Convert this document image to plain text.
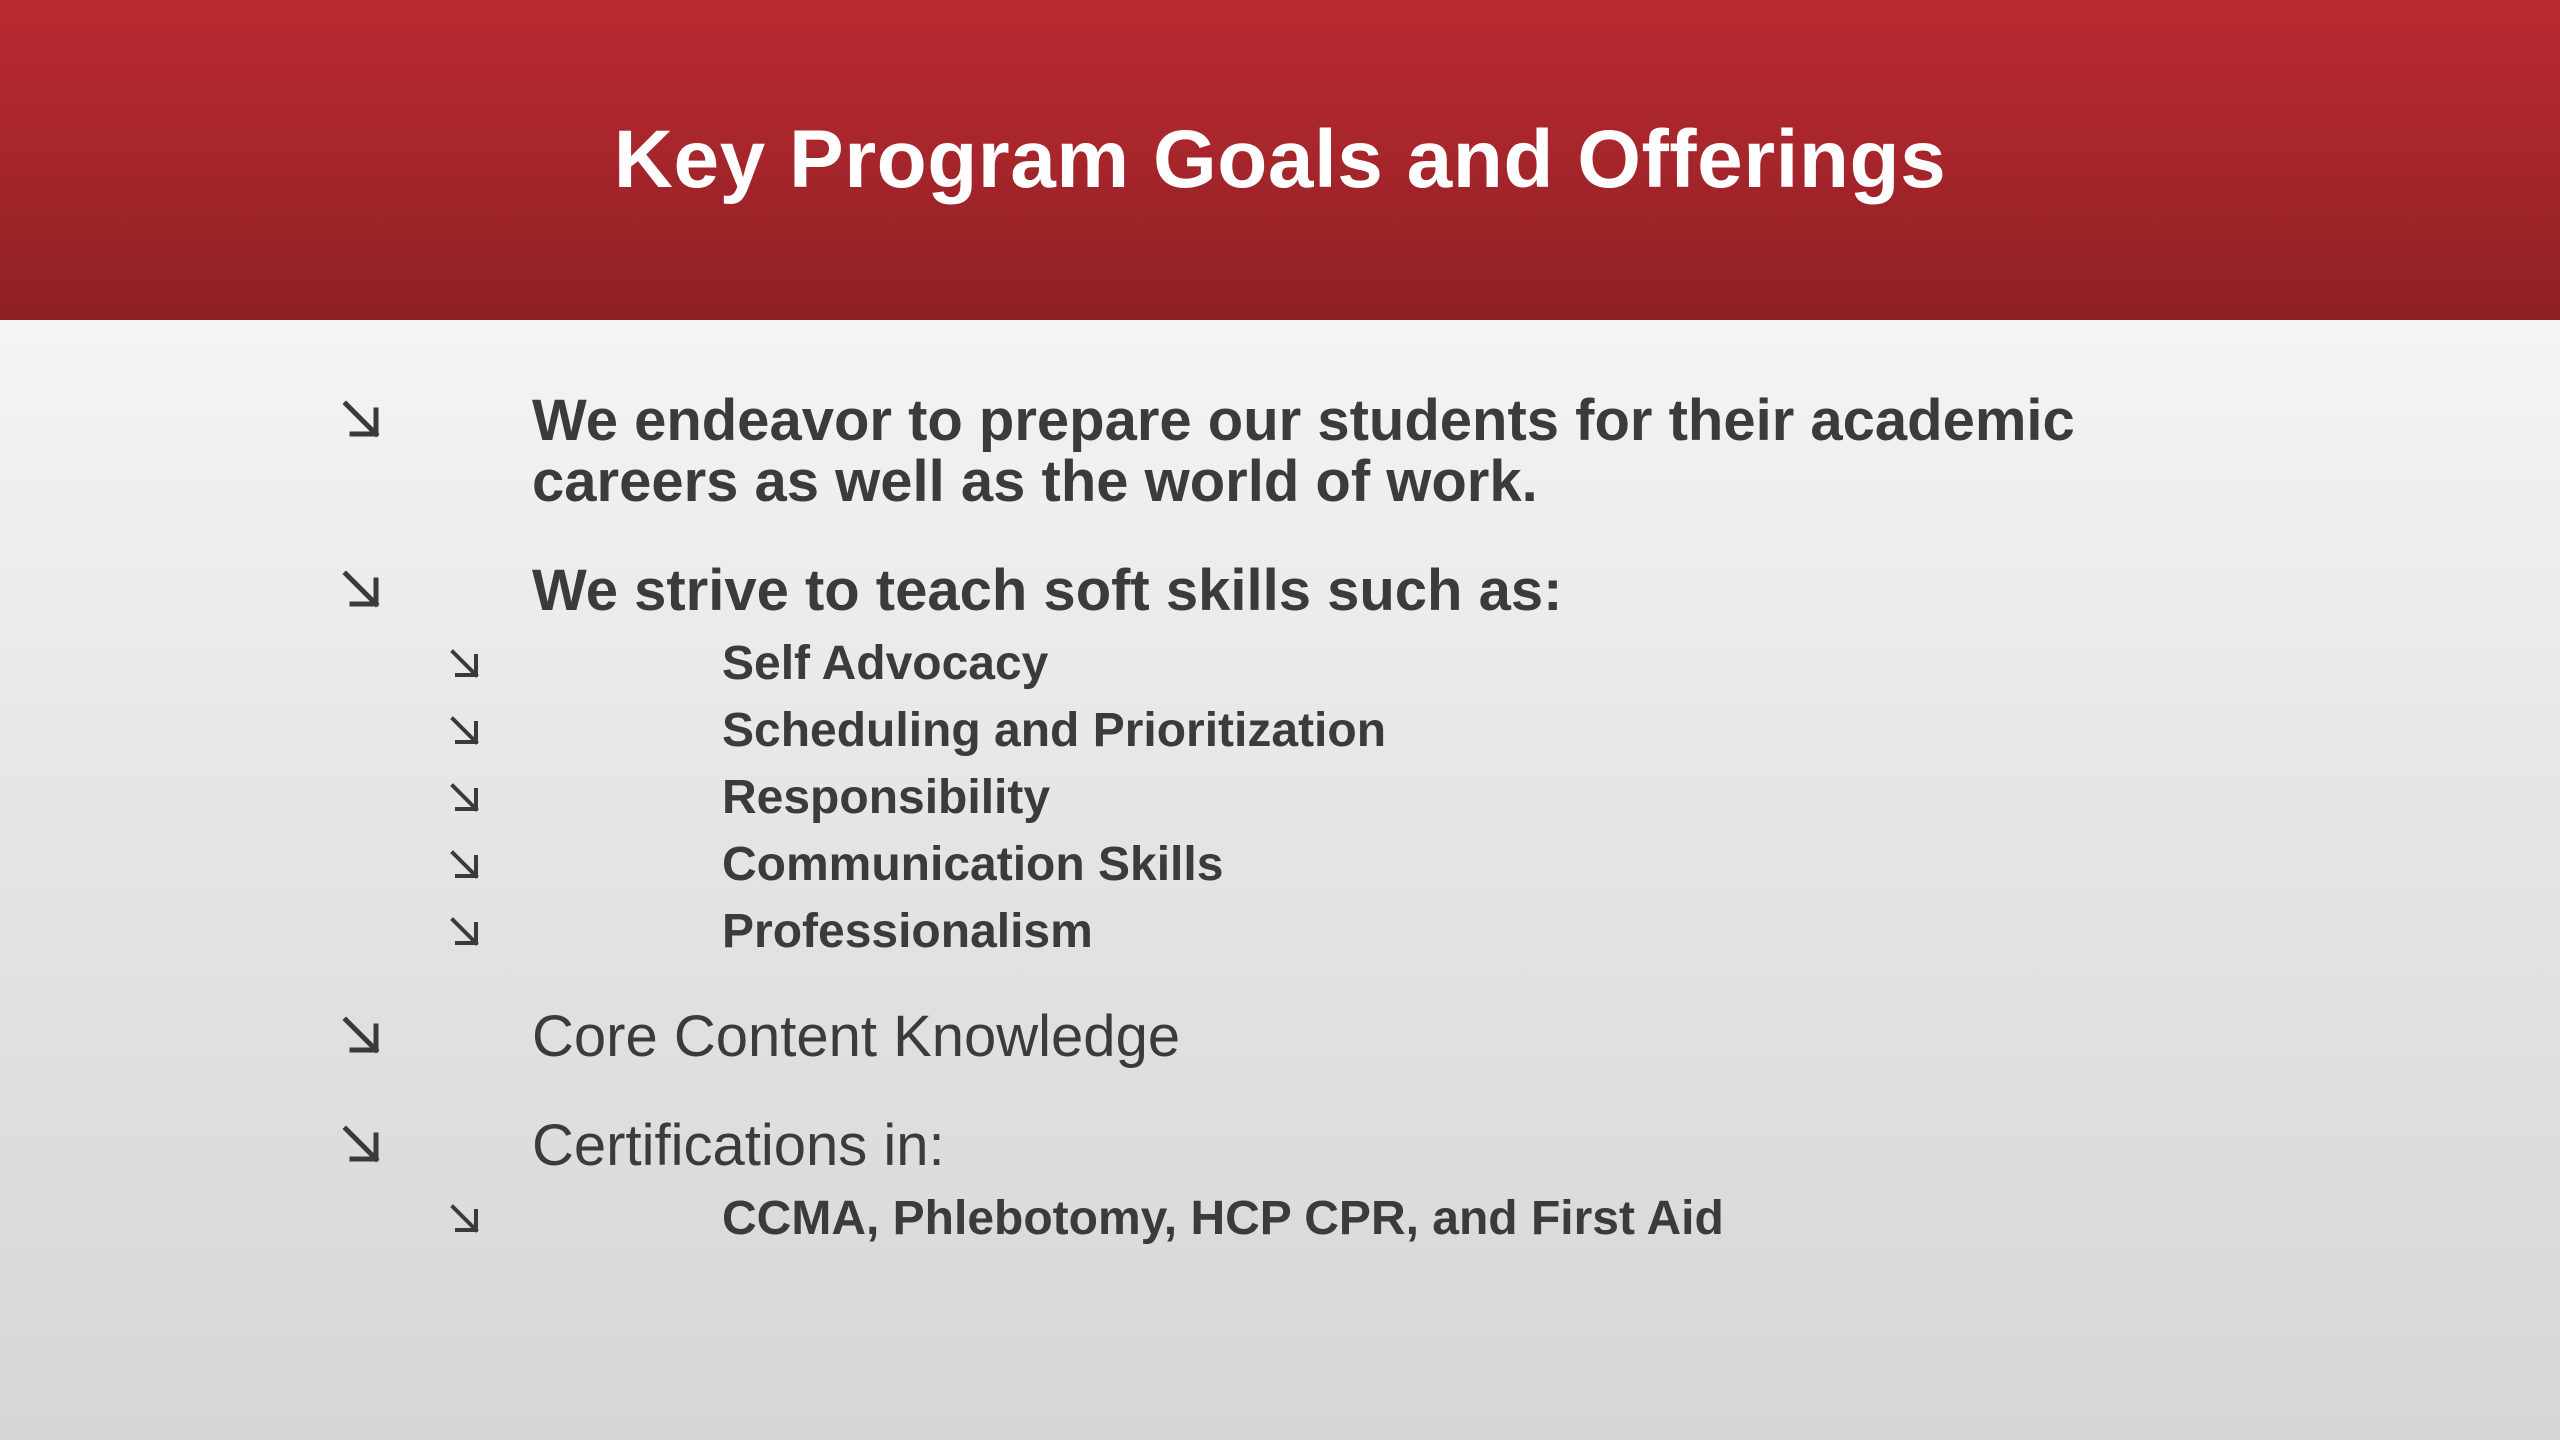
Key Program Goals and Offerings
We endeavor to prepare our students for their academic
careers as well as the world of work.
We strive to teach soft skills such as:
Self Advocacy
Scheduling and Prioritization
Responsibility
Communication Skills
Professionalism
Core Content Knowledge
Certifications in:
CCMA, Phlebotomy, HCP CPR, and First Aid
